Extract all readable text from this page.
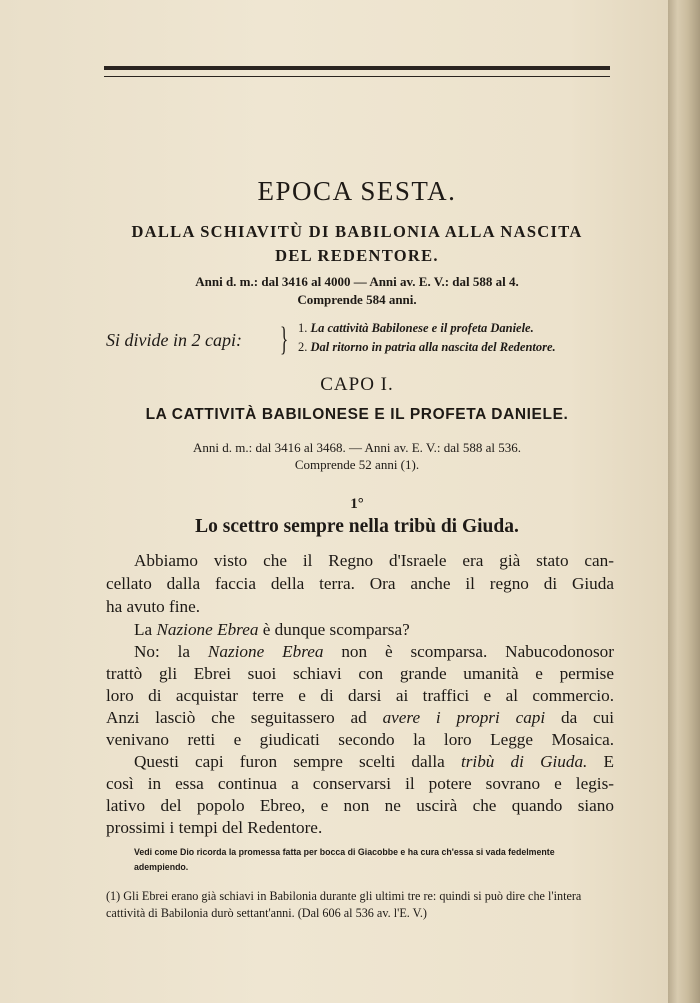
EPOCA SESTA.
DALLA SCHIAVITÙ DI BABILONIA ALLA NASCITA
DEL REDENTORE.
Anni d. m.: dal 3416 al 4000 — Anni av. E. V.: dal 588 al 4.
Comprende 584 anni.
Si divide in 2 capi: } 1. La cattività Babilonese e il profeta Daniele.
2. Dal ritorno in patria alla nascita del Redentore.
CAPO I.
LA CATTIVITÀ BABILONESE E IL PROFETA DANIELE.
Anni d. m.: dal 3416 al 3468. — Anni av. E. V.: dal 588 al 536.
Comprende 52 anni (1).
1°
Lo scettro sempre nella tribù di Giuda.
Abbiamo visto che il Regno d'Israele era già stato can-
cellato dalla faccia della terra. Ora anche il regno di Giuda
ha avuto fine.
La Nazione Ebrea è dunque scomparsa?
No: la Nazione Ebrea non è scomparsa. Nabucodonosor
trattò gli Ebrei suoi schiavi con grande umanità e permise
loro di acquistar terre e di darsi ai traffici e al commercio.
Anzi lasciò che seguitassero ad avere i propri capi da cui
venivano retti e giudicati secondo la loro Legge Mosaica.
Questi capi furon sempre scelti dalla tribù di Giuda. E
così in essa continua a conservarsi il potere sovrano e legis-
lativo del popolo Ebreo, e non ne uscirà che quando siano
prossimi i tempi del Redentore.
Vedi come Dio ricorda la promessa fatta per bocca di Giacobbe e ha cura ch'essa si vada fedelmente adempiendo.
(1) Gli Ebrei erano già schiavi in Babilonia durante gli ultimi tre re: quindi si può dire che l'intera cattività di Babilonia durò settant'anni. (Dal 606 al 536 av. l'E. V.)
